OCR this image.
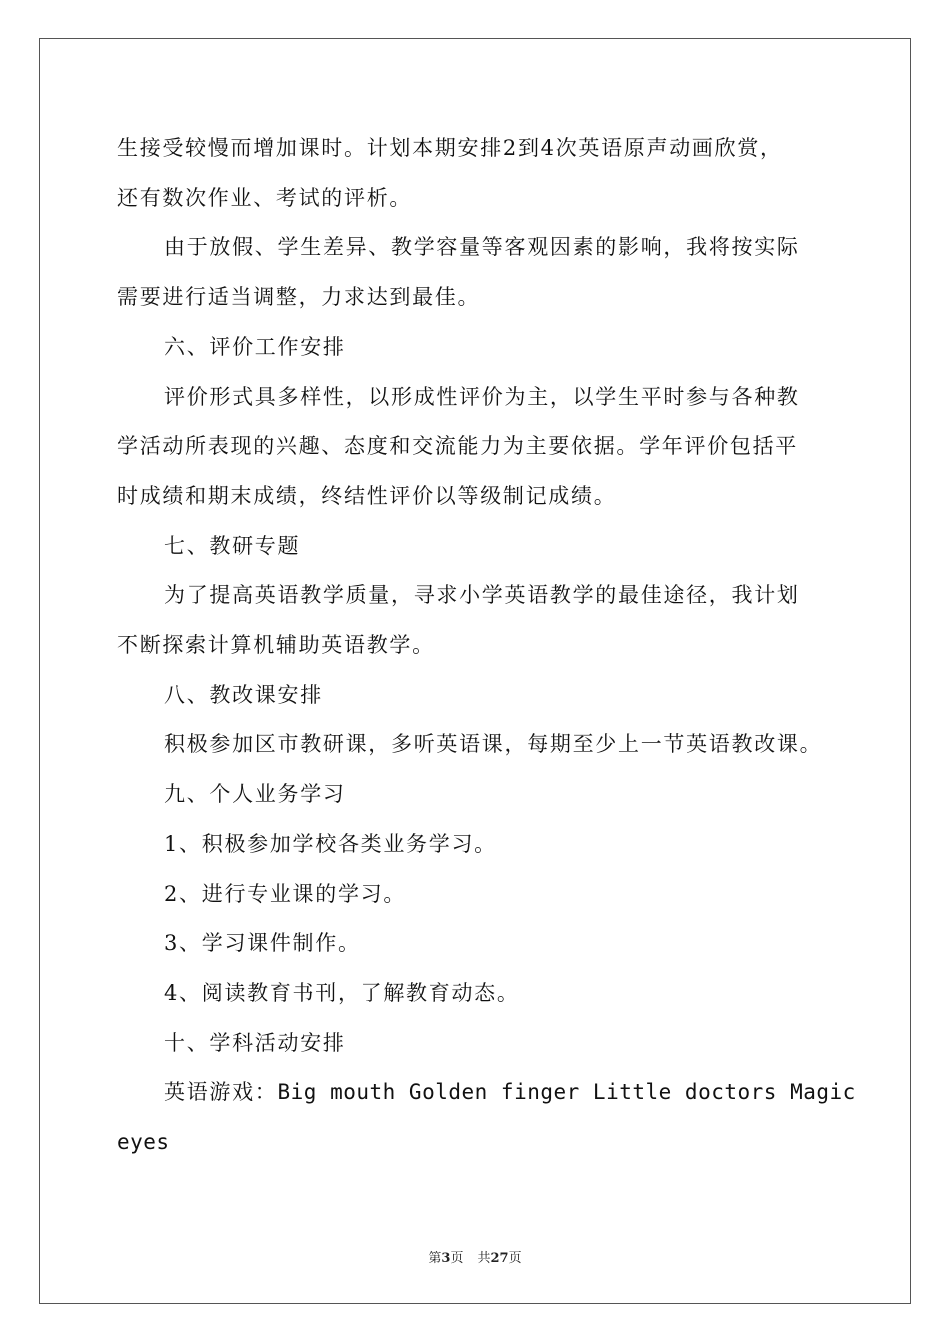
生接受较慢而增加课时。计划本期安排2到4次英语原声动画欣赏，

还有数次作业、考试的评析。

由于放假、学生差异、教学容量等客观因素的影响，我将按实际

需要进行适当调整，力求达到最佳。

六、评价工作安排

评价形式具多样性，以形成性评价为主，以学生平时参与各种教

学活动所表现的兴趣、态度和交流能力为主要依据。学年评价包括平

时成绩和期末成绩，终结性评价以等级制记成绩。

七、教研专题

为了提高英语教学质量，寻求小学英语教学的最佳途径，我计划

不断探索计算机辅助英语教学。

八、教改课安排

积极参加区市教研课，多听英语课，每期至少上一节英语教改课。

九、个人业务学习

1、积极参加学校各类业务学习。

2、进行专业课的学习。

3、学习课件制作。

4、阅读教育书刊，了解教育动态。

十、学科活动安排

英语游戏：Big mouth Golden finger Little doctors Magic

eyes

第3页 共27页
